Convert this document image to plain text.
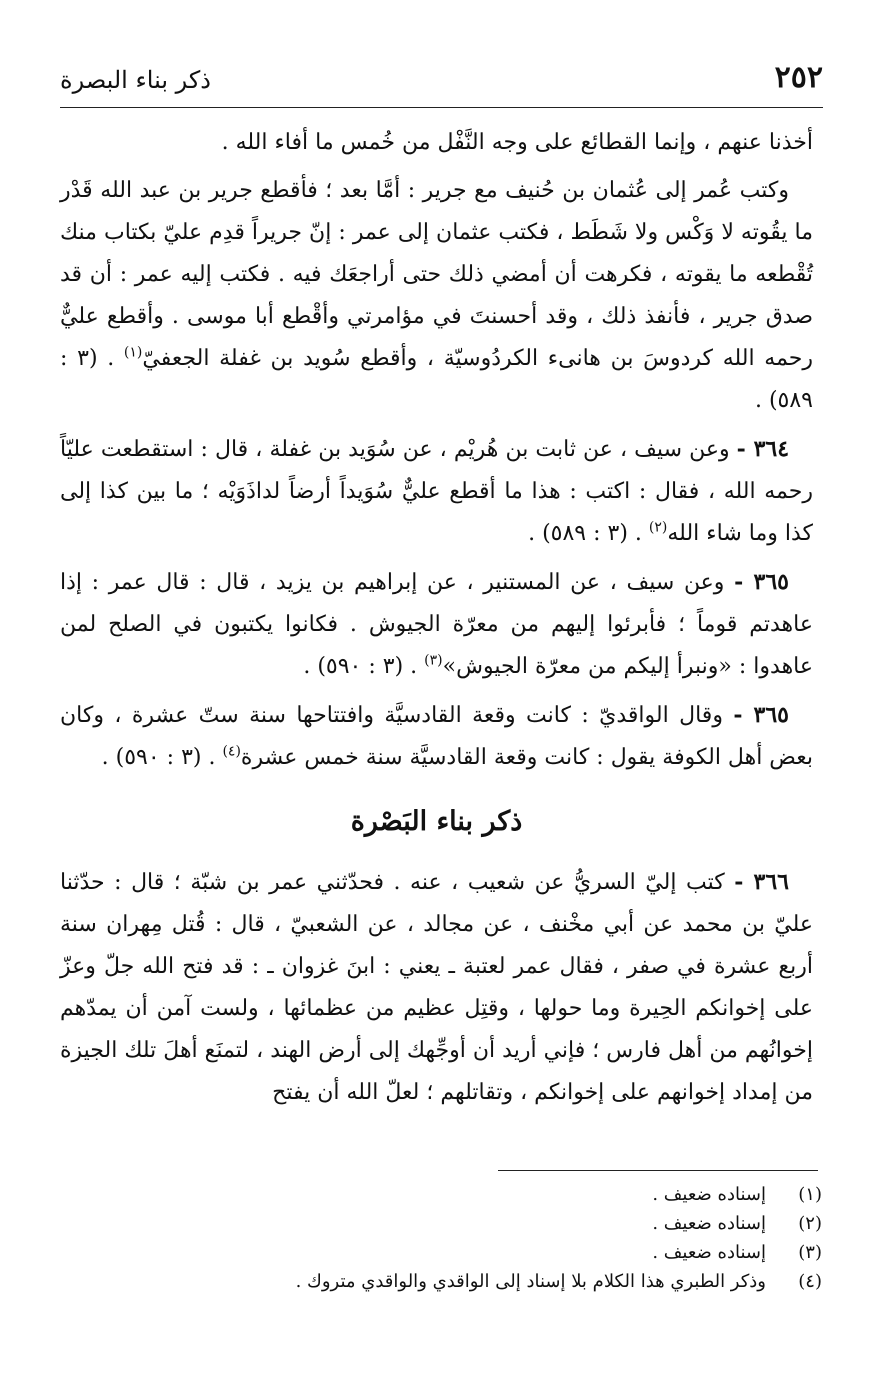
٢٥٢
ذكر بناء البصرة

أخذنا عنهم ، وإنما القطائع على وجه النَّفْل من خُمس ما أفاء الله .

وكتب عُمر إلى عُثمان بن حُنيف مع جرير : أمَّا بعد ؛ فأقطع جرير بن عبد الله قَدْر ما يقُوته لا وَكْس ولا شَطَط ، فكتب عثمان إلى عمر : إنّ جريراً قدِم عليّ بكتاب منك تُقْطعه ما يقوته ، فكرهت أن أمضي ذلك حتى أراجعَك فيه . فكتب إليه عمر : أن قد صدق جرير ، فأنفذ ذلك ، وقد أحسنتَ في مؤامرتي وأقْطع أبا موسى . وأقطع عليٌّ رحمه الله كردوسَ بن هانىء الكردُوسيّة ، وأقطع سُويد بن غفلة الجعفيّ$^{(١)}$ . (٣ : ٥٨٩) .

٣٦٤ - وعن سيف ، عن ثابت بن هُريْم ، عن سُوَيد بن غفلة ، قال : استقطعت عليّاً رحمه الله ، فقال : اكتب : هذا ما أقطع عليٌّ سُوَيداً أرضاً لداذَوَيْه ؛ ما بين كذا إلى كذا وما شاء الله$^{(٢)}$ . (٣ : ٥٨٩) .

٣٦٥ - وعن سيف ، عن المستنير ، عن إبراهيم بن يزيد ، قال : قال عمر : إذا عاهدتم قوماً ؛ فأبرئوا إليهم من معرّة الجيوش . فكانوا يكتبون في الصلح لمن عاهدوا : «ونبرأ إليكم من معرّة الجيوش»$^{(٣)}$ . (٣ : ٥٩٠) .

٣٦٥ - وقال الواقديّ : كانت وقعة القادسيَّة وافتتاحها سنة ستّ عشرة ، وكان بعض أهل الكوفة يقول : كانت وقعة القادسيَّة سنة خمس عشرة$^{(٤)}$ . (٣ : ٥٩٠) .

ذكر بناء البَصْرة

٣٦٦ - كتب إليّ السريُّ عن شعيب ، عنه . فحدّثني عمر بن شبّة ؛ قال : حدّثنا عليّ بن محمد عن أبي مخْنف ، عن مجالد ، عن الشعبيّ ، قال : قُتل مِهران سنة أربع عشرة في صفر ، فقال عمر لعتبة ـ يعني : ابنَ غزوان ـ : قد فتح الله جلّ وعزّ على إخوانكم الحِيرة وما حولها ، وقتِل عظيم من عظمائها ، ولست آمن أن يمدّهم إخوانُهم من أهل فارس ؛ فإني أريد أن أوجِّهك إلى أرض الهند ، لتمنَع أهلَ تلك الجيزة من إمداد إخوانهم على إخوانكم ، وتقاتلهم ؛ لعلّ الله أن يفتح

(١)
إسناده ضعيف .
(٢)
إسناده ضعيف .
(٣)
إسناده ضعيف .
(٤)
وذكر الطبري هذا الكلام بلا إسناد إلى الواقدي والواقدي متروك .
